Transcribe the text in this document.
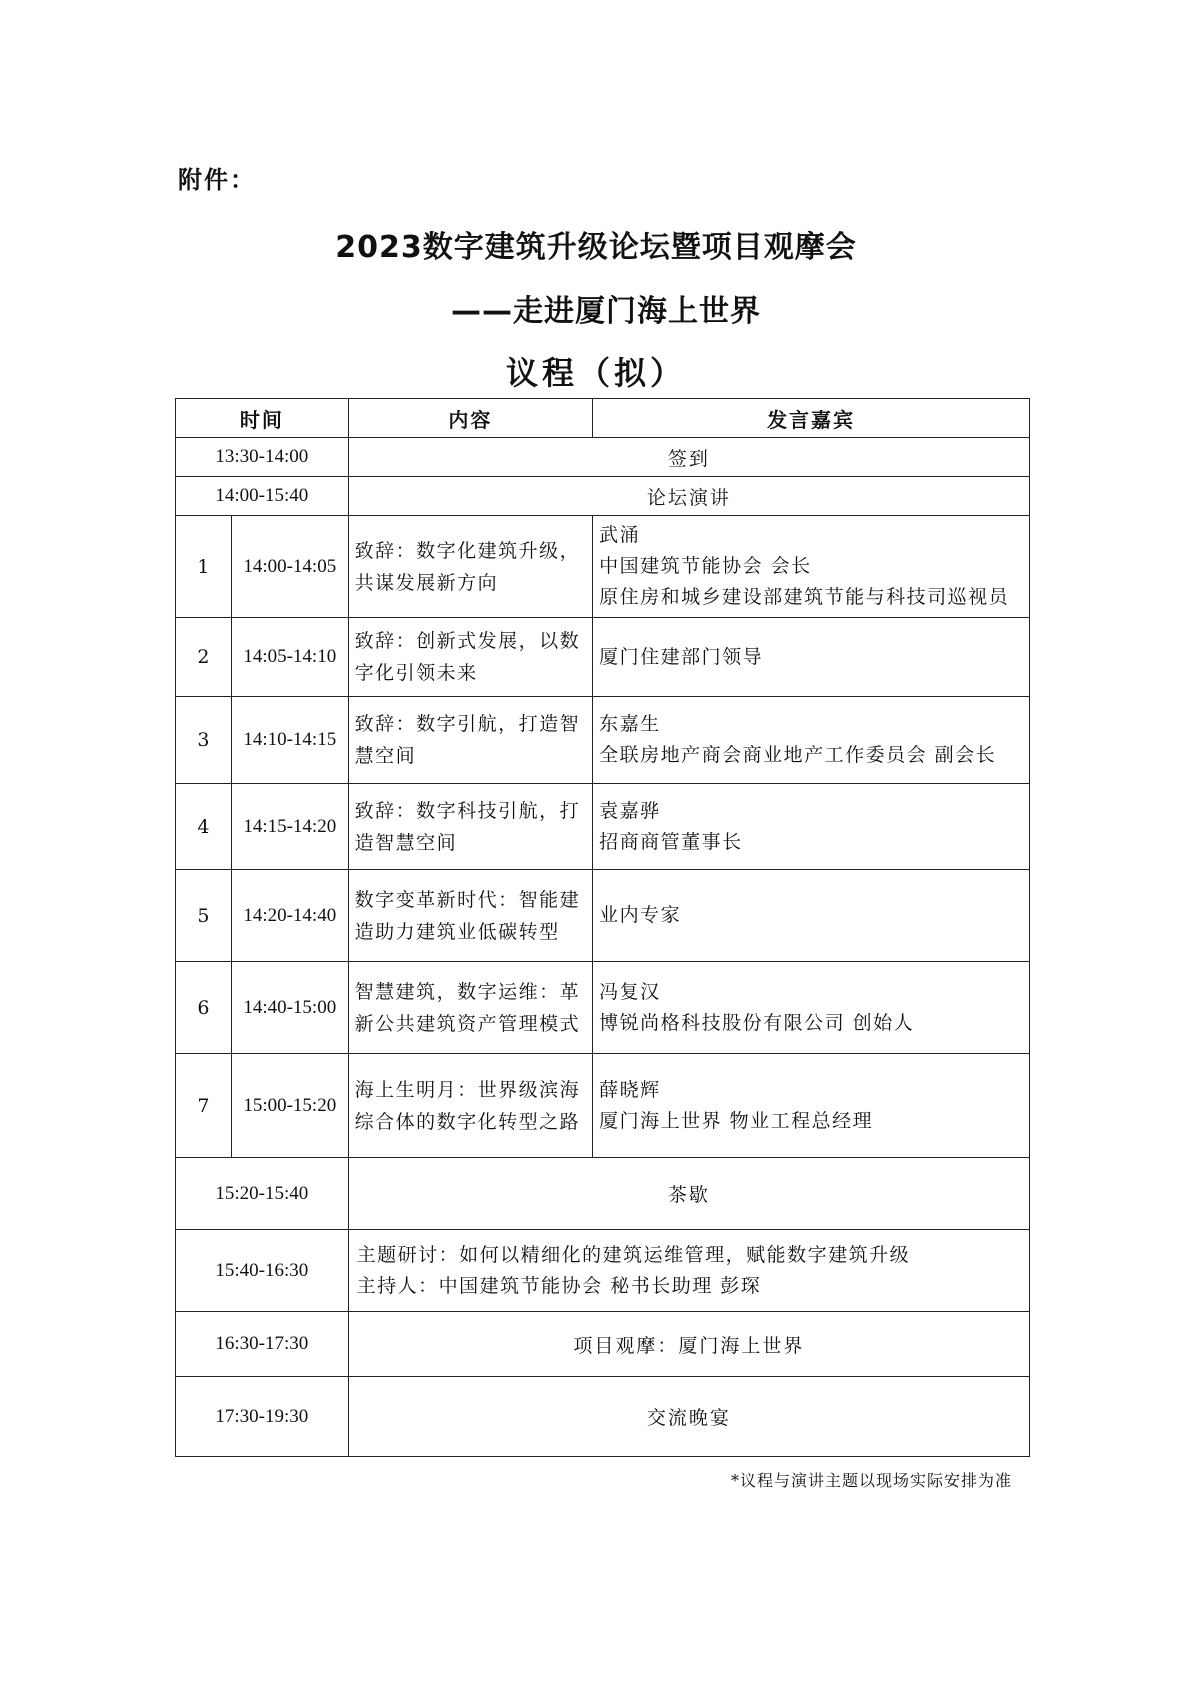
附件：
2023数字建筑升级论坛暨项目观摩会
——走进厦门海上世界
议程（拟）
时间		内容	发言嘉宾
13:30-14:00		签到	
14:00-15:40		论坛演讲	
1	14:00-14:05	致辞：数字化建筑升级，
共谋发展新方向	武涌
中国建筑节能协会 会长
原住房和城乡建设部建筑节能与科技司巡视员

2	14:05-14:10	致辞：创新式发展，以数
字化引领未来	厦门住建部门领导

3	14:10-14:15	致辞：数字引航，打造智
慧空间	东嘉生
全联房地产商会商业地产工作委员会 副会长

4	14:15-14:20	致辞：数字科技引航，打
造智慧空间	袁嘉骅
招商商管董事长

5	14:20-14:40	数字变革新时代：智能建
造助力建筑业低碳转型	业内专家

6	14:40-15:00	智慧建筑，数字运维：革
新公共建筑资产管理模式	冯复汉
博锐尚格科技股份有限公司 创始人

7	15:00-15:20	海上生明月：世界级滨海
综合体的数字化转型之路	薛晓辉
厦门海上世界 物业工程总经理

15:20-15:40		茶歇	
15:40-16:30		主题研讨：如何以精细化的建筑运维管理，赋能数字建筑升级
主持人：中国建筑节能协会 秘书长助理 彭琛	

16:30-17:30		项目观摩：厦门海上世界	
17:30-19:30		交流晚宴	
*议程与演讲主题以现场实际安排为准
